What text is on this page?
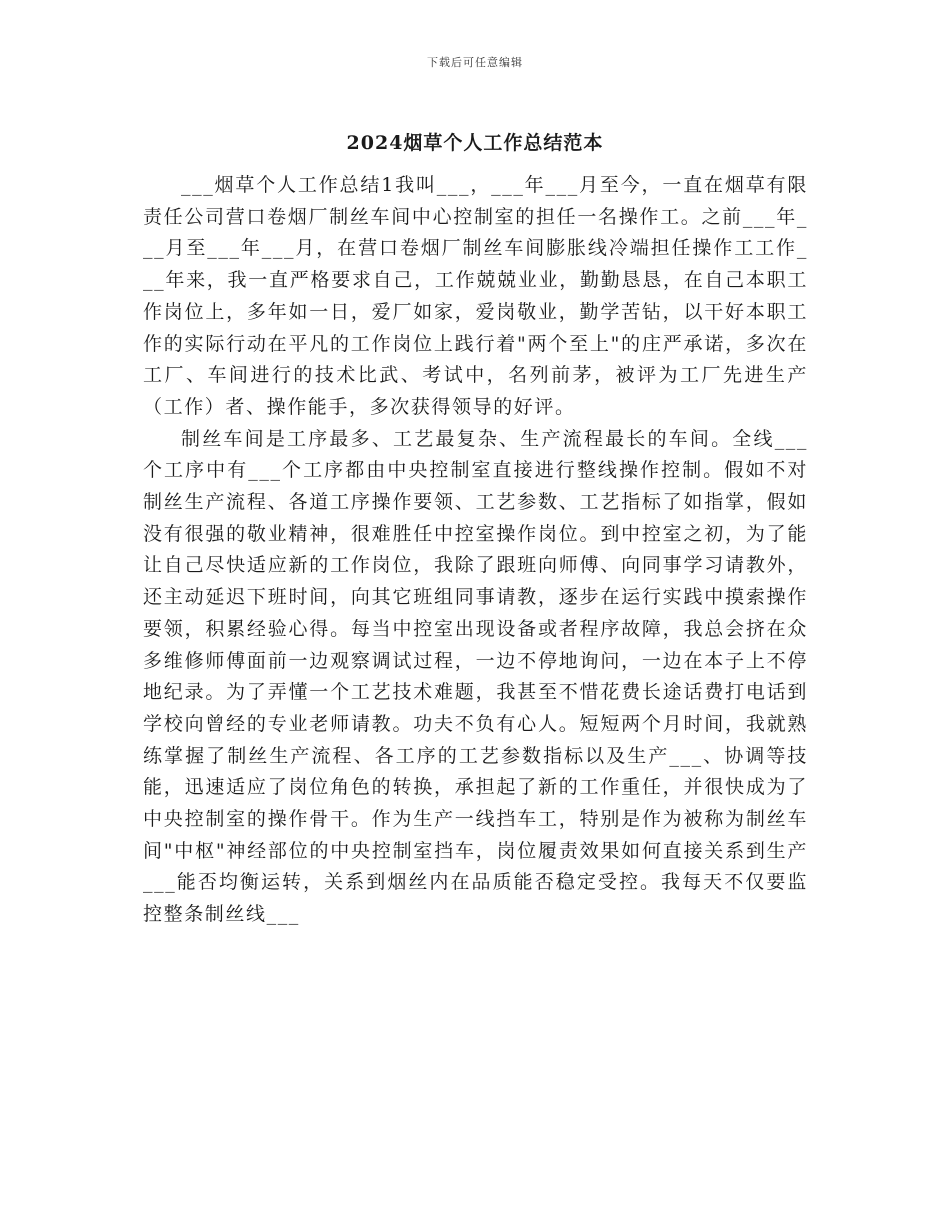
下载后可任意编辑
2024烟草个人工作总结范本

___烟草个人工作总结1我叫___，___年___月至今，一直在烟草有限责任公司营口卷烟厂制丝车间中心控制室的担任一名操作工。之前___年___月至___年___月，在营口卷烟厂制丝车间膨胀线冷端担任操作工工作___年来，我一直严格要求自己，工作兢兢业业，勤勤恳恳，在自己本职工作岗位上，多年如一日，爱厂如家，爱岗敬业，勤学苦钻，以干好本职工作的实际行动在平凡的工作岗位上践行着"两个至上"的庄严承诺，多次在工厂、车间进行的技术比武、考试中，名列前茅，被评为工厂先进生产（工作）者、操作能手，多次获得领导的好评。

制丝车间是工序最多、工艺最复杂、生产流程最长的车间。全线___个工序中有___个工序都由中央控制室直接进行整线操作控制。假如不对制丝生产流程、各道工序操作要领、工艺参数、工艺指标了如指掌，假如没有很强的敬业精神，很难胜任中控室操作岗位。到中控室之初，为了能让自己尽快适应新的工作岗位，我除了跟班向师傅、向同事学习请教外，还主动延迟下班时间，向其它班组同事请教，逐步在运行实践中摸索操作要领，积累经验心得。每当中控室出现设备或者程序故障，我总会挤在众多维修师傅面前一边观察调试过程，一边不停地询问，一边在本子上不停地纪录。为了弄懂一个工艺技术难题，我甚至不惜花费长途话费打电话到学校向曾经的专业老师请教。功夫不负有心人。短短两个月时间，我就熟练掌握了制丝生产流程、各工序的工艺参数指标以及生产___、协调等技能，迅速适应了岗位角色的转换，承担起了新的工作重任，并很快成为了中央控制室的操作骨干。作为生产一线挡车工，特别是作为被称为制丝车间"中枢"神经部位的中央控制室挡车，岗位履责效果如何直接关系到生产___能否均衡运转，关系到烟丝内在品质能否稳定受控。我每天不仅要监控整条制丝线___
